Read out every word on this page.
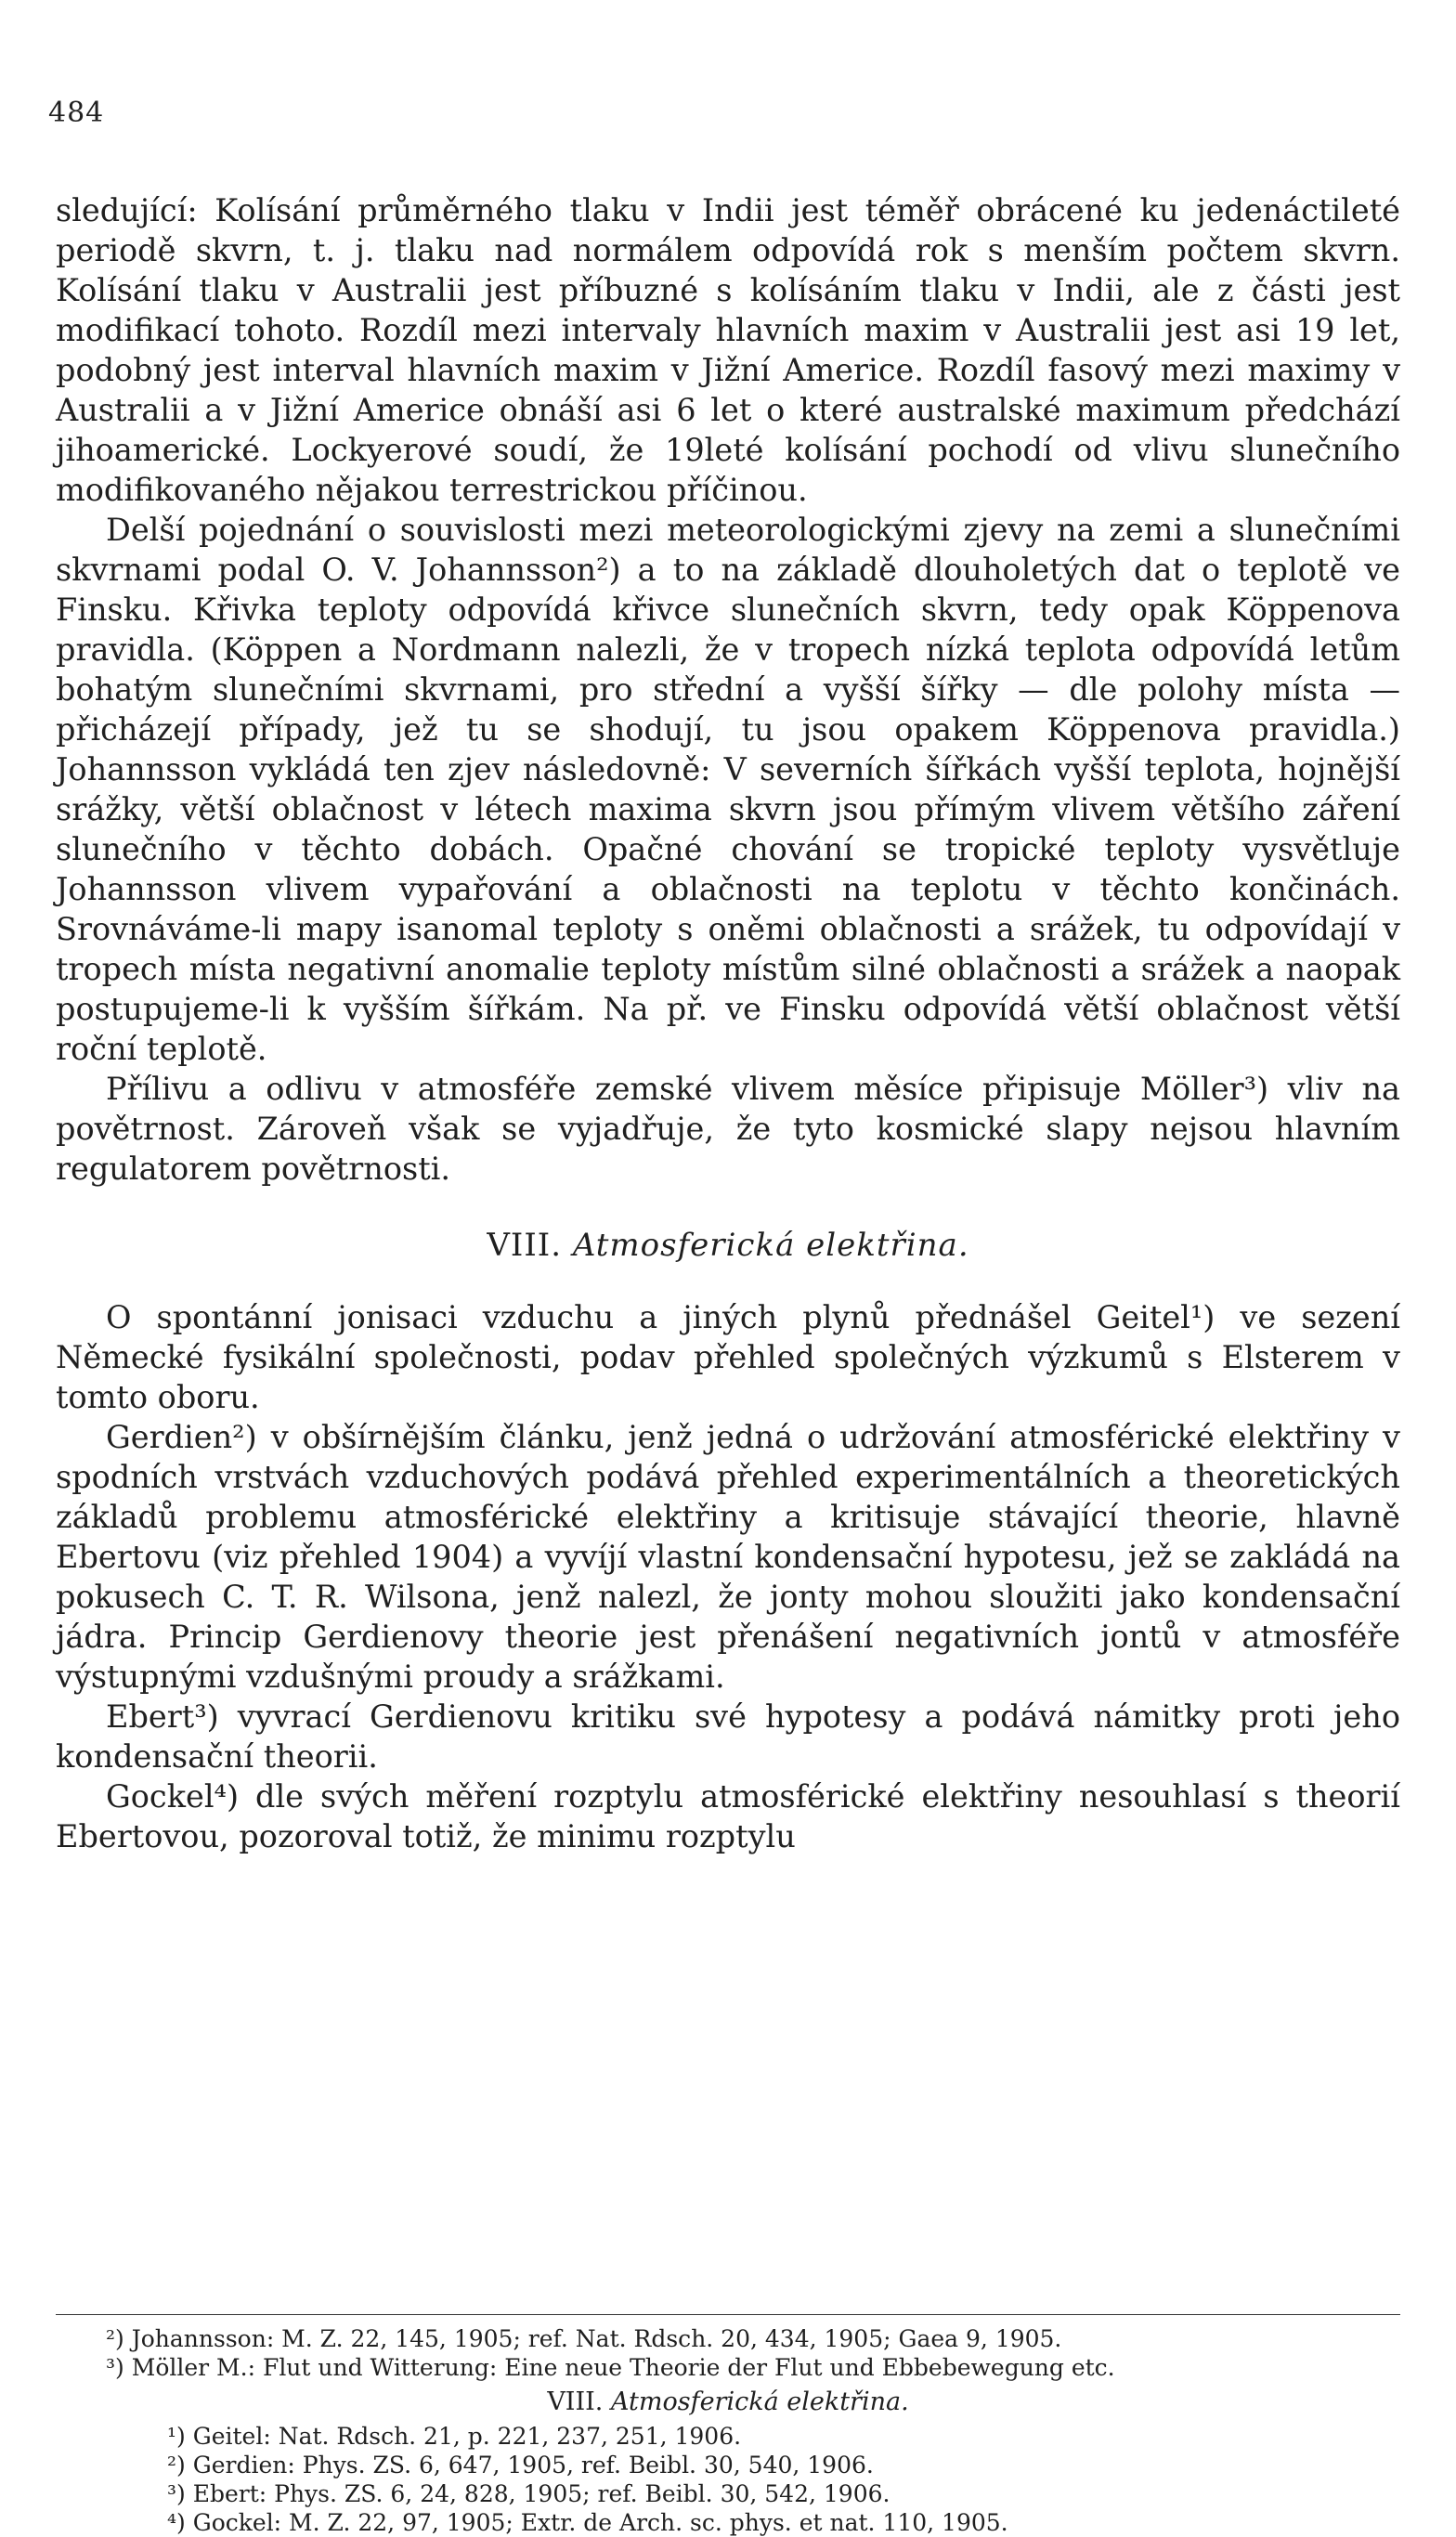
484

sledující: Kolísání průměrného tlaku v Indii jest téměř obrácené ku jedenáctileté periodě skvrn, t. j. tlaku nad normálem odpovídá rok s menším počtem skvrn. Kolísání tlaku v Australii jest příbuzné s kolísáním tlaku v Indii, ale z části jest modifikací tohoto. Rozdíl mezi intervaly hlavních maxim v Australii jest asi 19 let, podobný jest interval hlavních maxim v Jižní Americe. Rozdíl fasový mezi maximy v Australii a v Jižní Americe obnáší asi 6 let o které australské maximum předchází jihoamerické. Lockyerové soudí, že 19leté kolísání pochodí od vlivu slunečního modifikovaného nějakou terrestrickou příčinou.

Delší pojednání o souvislosti mezi meteorologickými zjevy na zemi a slunečními skvrnami podal O. V. Johannsson²) a to na základě dlouholetých dat o teplotě ve Finsku. Křivka teploty odpovídá křivce slunečních skvrn, tedy opak Köppenova pravidla. (Köppen a Nordmann nalezli, že v tropech nízká teplota odpovídá letům bohatým slunečními skvrnami, pro střední a vyšší šířky — dle polohy místa — přicházejí případy, jež tu se shodují, tu jsou opakem Köppenova pravidla.) Johannsson vykládá ten zjev následovně: V severních šířkách vyšší teplota, hojnější srážky, větší oblačnost v létech maxima skvrn jsou přímým vlivem většího záření slunečního v těchto dobách. Opačné chování se tropické teploty vysvětluje Johannsson vlivem vypařování a oblačnosti na teplotu v těchto končinách. Srovnáváme-li mapy isanomal teploty s oněmi oblačnosti a srážek, tu odpovídají v tropech místa negativní anomalie teploty místům silné oblačnosti a srážek a naopak postupujeme-li k vyšším šířkám. Na př. ve Finsku odpovídá větší oblačnost větší roční teplotě.

Přílivu a odlivu v atmosféře zemské vlivem měsíce připisuje Möller³) vliv na povětrnost. Zároveň však se vyjadřuje, že tyto kosmické slapy nejsou hlavním regulatorem povětrnosti.

VIII. Atmosferická elektřina.

O spontánní jonisaci vzduchu a jiných plynů přednášel Geitel¹) ve sezení Německé fysikální společnosti, podav přehled společných výzkumů s Elsterem v tomto oboru.

Gerdien²) v obšírnějším článku, jenž jedná o udržování atmosférické elektřiny v spodních vrstvách vzduchových podává přehled experimentálních a theoretických základů problemu atmosférické elektřiny a kritisuje stávající theorie, hlavně Ebertovu (viz přehled 1904) a vyvíjí vlastní kondensační hypotesu, jež se zakládá na pokusech C. T. R. Wilsona, jenž nalezl, že jonty mohou sloužiti jako kondensační jádra. Princip Gerdienovy theorie jest přenášení negativních jontů v atmosféře výstupnými vzdušnými proudy a srážkami.

Ebert³) vyvrací Gerdienovu kritiku své hypotesy a podává námitky proti jeho kondensační theorii.

Gockel⁴) dle svých měření rozptylu atmosférické elektřiny nesouhlasí s theorií Ebertovou, pozoroval totiž, že minimu rozptylu

²) Johannsson: M. Z. 22, 145, 1905; ref. Nat. Rdsch. 20, 434, 1905; Gaea 9, 1905.

³) Möller M.: Flut und Witterung: Eine neue Theorie der Flut und Ebbebewegung etc.

VIII. Atmosferická elektřina.

¹) Geitel: Nat. Rdsch. 21, p. 221, 237, 251, 1906.

²) Gerdien: Phys. ZS. 6, 647, 1905, ref. Beibl. 30, 540, 1906.

³) Ebert: Phys. ZS. 6, 24, 828, 1905; ref. Beibl. 30, 542, 1906.

⁴) Gockel: M. Z. 22, 97, 1905; Extr. de Arch. sc. phys. et nat. 110, 1905.
